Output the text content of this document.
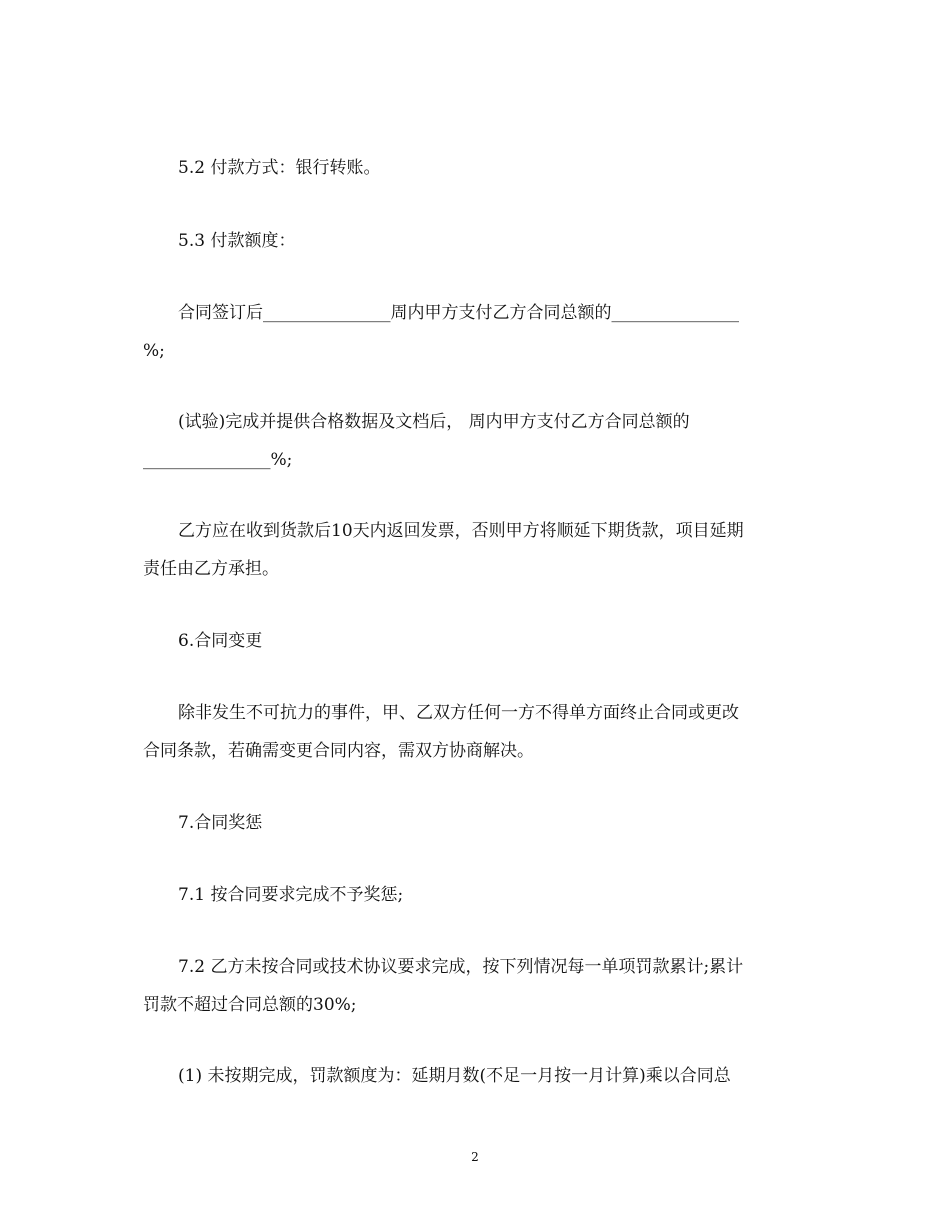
5.2 付款方式：银行转账。
5.3 付款额度：
合同签订后_______________周内甲方支付乙方合同总额的_______________
%;
(试验)完成并提供合格数据及文档后， 周内甲方支付乙方合同总额的
_______________%;
乙方应在收到货款后10天内返回发票，否则甲方将顺延下期货款，项目延期
责任由乙方承担。
6.合同变更
除非发生不可抗力的事件，甲、乙双方任何一方不得单方面终止合同或更改
合同条款，若确需变更合同内容，需双方协商解决。
7.合同奖惩
7.1 按合同要求完成不予奖惩;
7.2 乙方未按合同或技术协议要求完成，按下列情况每一单项罚款累计;累计
罚款不超过合同总额的30%;
(1) 未按期完成，罚款额度为：延期月数(不足一月按一月计算)乘以合同总
2
